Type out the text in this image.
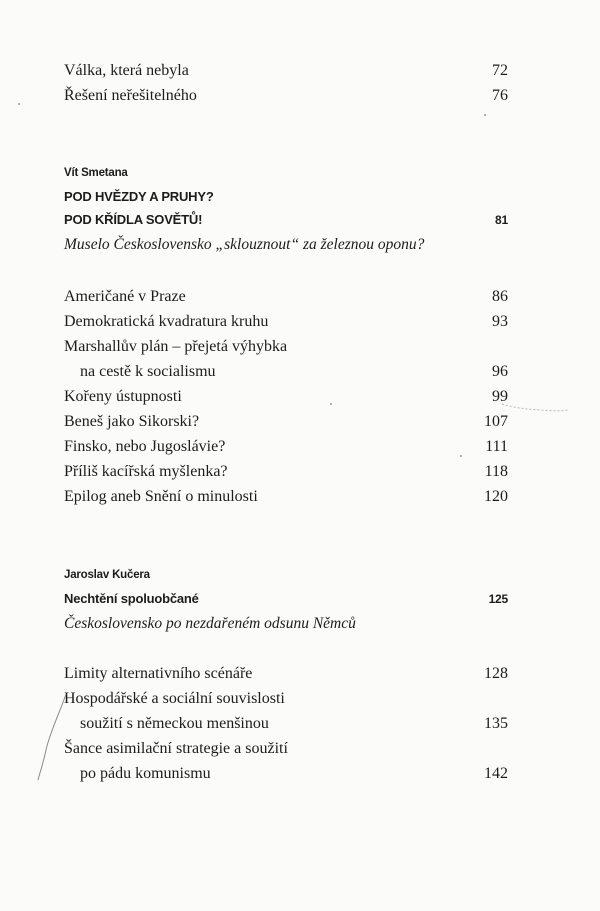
Válka, která nebyla	72
Řešení neřešitelného	76
Vít Smetana
POD HVĚZDY A PRUHY?
POD KŘÍDLA SOVĚTŮ!	81
Muselo Československo „sklouznout“ za železnou oponu?
Američané v Praze	86
Demokratická kvadratura kruhu	93
Marshallův plán – přejetá výhybka
na cestě k socialismu	96
Kořeny ústupnosti	99
Beneš jako Sikorski?	107
Finsko, nebo Jugoslávie?	111
Příliš kacířská myšlenka?	118
Epilog aneb Snění o minulosti	120
Jaroslav Kučera
Nechtění spoluobčané	125
Československo po nezdařeném odsunu Němců
Limity alternativního scénáře	128
Hospodářské a sociální souvislosti
soužití s německou menšinou	135
Šance asimilační strategie a soužití
po pádu komunismu	142
